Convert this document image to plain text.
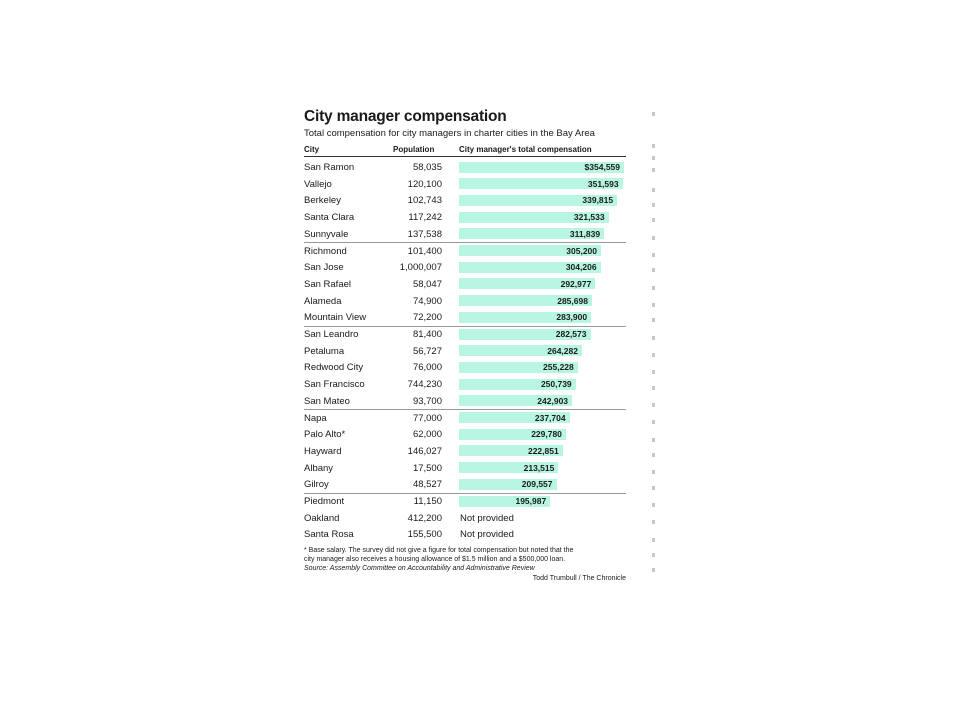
City manager compensation
Total compensation for city managers in charter cities in the Bay Area
City	Population	City manager's total compensation
San Ramon	58,035	$354,559
Vallejo	120,100	351,593
Berkeley	102,743	339,815
Santa Clara	117,242	321,533
Sunnyvale	137,538	311,839
Richmond	101,400	305,200
San Jose	1,000,007	304,206
San Rafael	58,047	292,977
Alameda	74,900	285,698
Mountain View	72,200	283,900
San Leandro	81,400	282,573
Petaluma	56,727	264,282
Redwood City	76,000	255,228
San Francisco	744,230	250,739
San Mateo	93,700	242,903
Napa	77,000	237,704
Palo Alto*	62,000	229,780
Hayward	146,027	222,851
Albany	17,500	213,515
Gilroy	48,527	209,557
Piedmont	11,150	195,987
Oakland	412,200 Not provided
Santa Rosa	155,500 Not provided
* Base salary. The survey did not give a figure for total compensation but noted that the
city manager also receives a housing allowance of $1.5 million and a $500,000 loan.
Source: Assembly Committee on Accountability and Administrative Review
Todd Trumbull / The Chronicle
